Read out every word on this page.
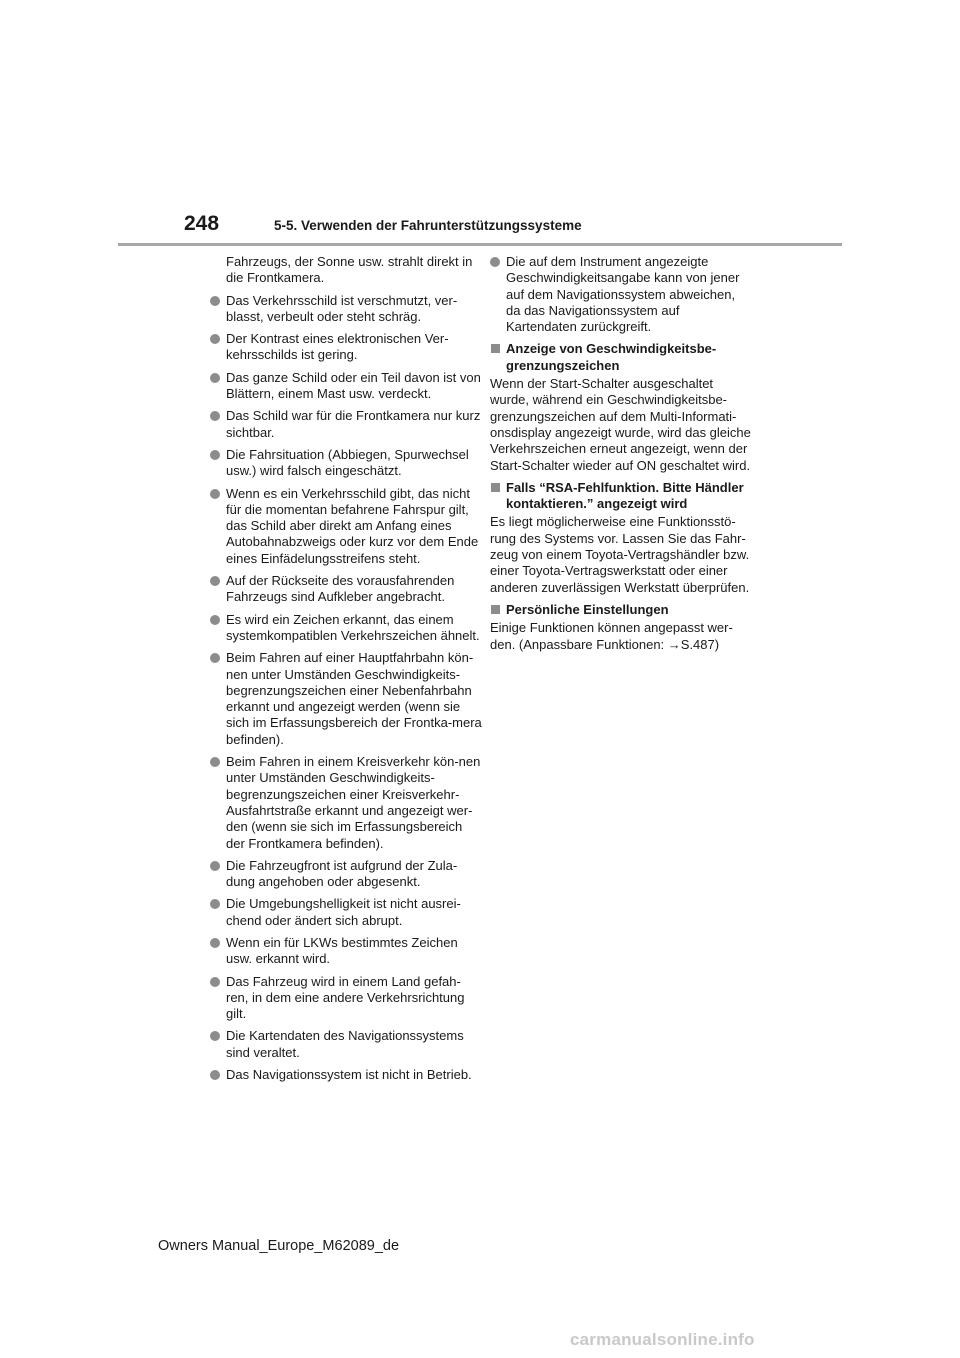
248	5-5. Verwenden der Fahrunterstützungssysteme
Fahrzeugs, der Sonne usw. strahlt direkt in die Frontkamera.
Das Verkehrsschild ist verschmutzt, ver-blasst, verbeult oder steht schräg.
Der Kontrast eines elektronischen Ver-kehrsschilds ist gering.
Das ganze Schild oder ein Teil davon ist von Blättern, einem Mast usw. verdeckt.
Das Schild war für die Frontkamera nur kurz sichtbar.
Die Fahrsituation (Abbiegen, Spurwechsel usw.) wird falsch eingeschätzt.
Wenn es ein Verkehrsschild gibt, das nicht für die momentan befahrene Fahrspur gilt, das Schild aber direkt am Anfang eines Autobahnabzweigs oder kurz vor dem Ende eines Einfädelungsstreifens steht.
Auf der Rückseite des vorausfahrenden Fahrzeugs sind Aufkleber angebracht.
Es wird ein Zeichen erkannt, das einem systemkompatiblen Verkehrszeichen ähnelt.
Beim Fahren auf einer Hauptfahrbahn kön-nen unter Umständen Geschwindigkeits-begrenzungszeichen einer Nebenfahrbahn erkannt und angezeigt werden (wenn sie sich im Erfassungsbereich der Frontka-mera befinden).
Beim Fahren in einem Kreisverkehr kön-nen unter Umständen Geschwindigkeits-begrenzungszeichen einer Kreisverkehr-Ausfahrtstraße erkannt und angezeigt wer-den (wenn sie sich im Erfassungsbereich der Frontkamera befinden).
Die Fahrzeugfront ist aufgrund der Zula-dung angehoben oder abgesenkt.
Die Umgebungshelligkeit ist nicht ausrei-chend oder ändert sich abrupt.
Wenn ein für LKWs bestimmtes Zeichen usw. erkannt wird.
Das Fahrzeug wird in einem Land gefah-ren, in dem eine andere Verkehrsrichtung gilt.
Die Kartendaten des Navigationssystems sind veraltet.
Das Navigationssystem ist nicht in Betrieb.
Die auf dem Instrument angezeigte Geschwindigkeitsangabe kann von jener auf dem Navigationssystem abweichen, da das Navigationssystem auf Kartendaten zurückgreift.
Anzeige von Geschwindigkeitsbe-grenzungszeichen
Wenn der Start-Schalter ausgeschaltet wurde, während ein Geschwindigkeitsbe-grenzungszeichen auf dem Multi-Informati-onsdisplay angezeigt wurde, wird das gleiche Verkehrszeichen erneut angezeigt, wenn der Start-Schalter wieder auf ON geschaltet wird.
Falls “RSA-Fehlfunktion. Bitte Händler kontaktieren.” angezeigt wird
Es liegt möglicherweise eine Funktionsstö-rung des Systems vor. Lassen Sie das Fahr-zeug von einem Toyota-Vertragshändler bzw. einer Toyota-Vertragswerkstatt oder einer anderen zuverlässigen Werkstatt überprüfen.
Persönliche Einstellungen
Einige Funktionen können angepasst wer-den. (Anpassbare Funktionen: →S.487)
Owners Manual_Europe_M62089_de
carmanualsonline.info
